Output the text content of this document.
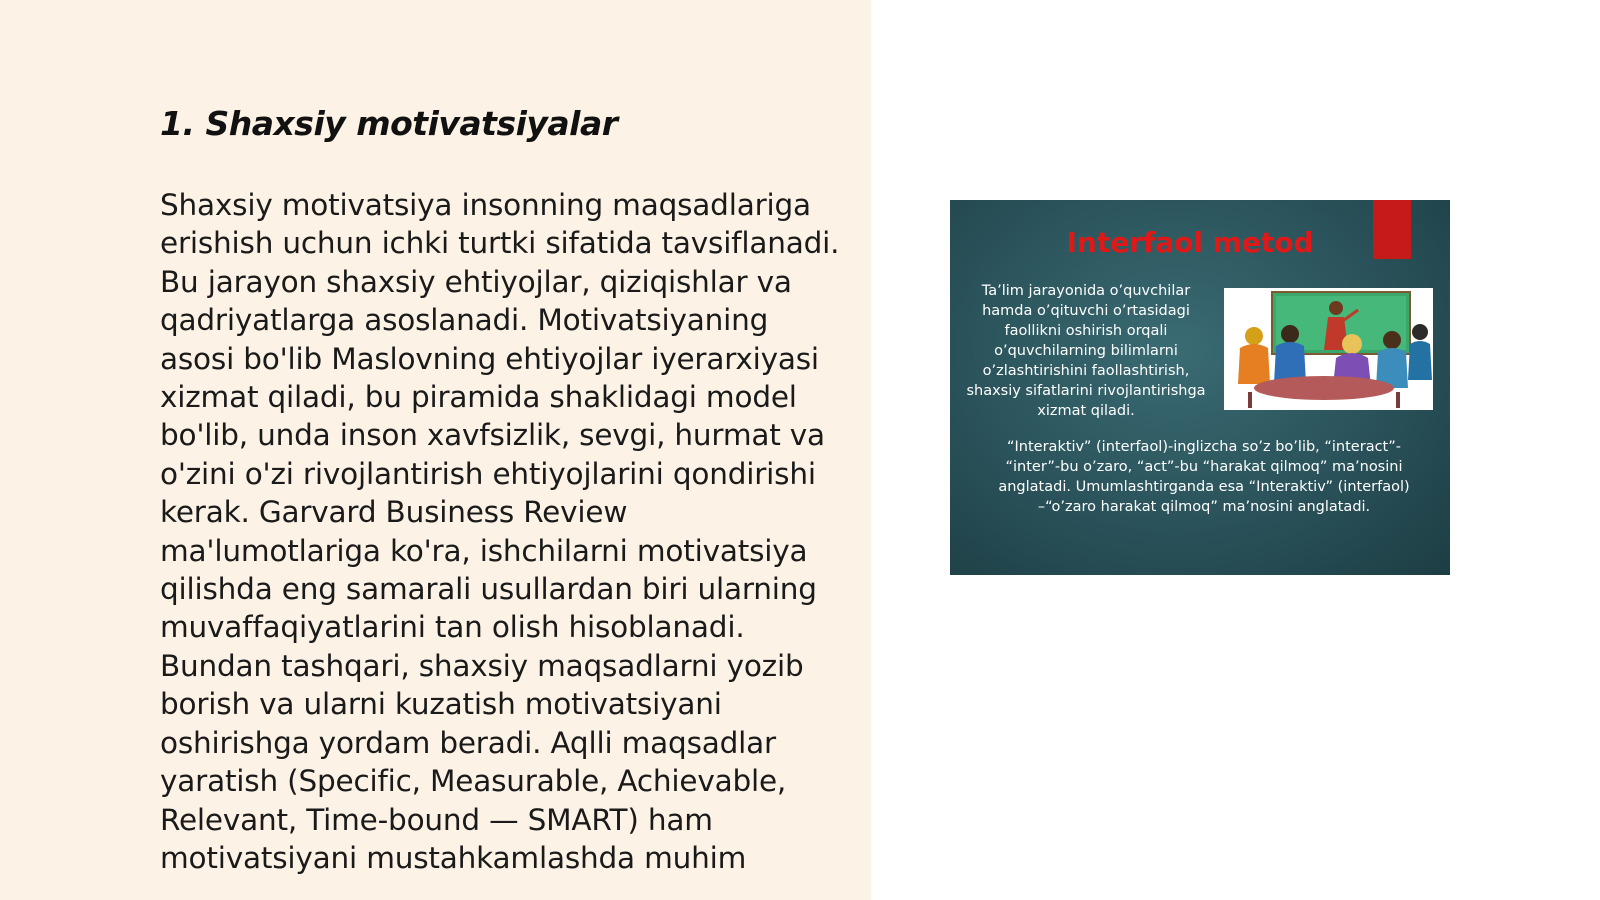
1. Shaxsiy motivatsiyalar

Shaxsiy motivatsiya insonning maqsadlariga erishish uchun ichki turtki sifatida tavsiflanadi. Bu jarayon shaxsiy ehtiyojlar, qiziqishlar va qadriyatlarga asoslanadi. Motivatsiyaning asosi bo'lib Maslovning ehtiyojlar iyerarxiyasi xizmat qiladi, bu piramida shaklidagi model bo'lib, unda inson xavfsizlik, sevgi, hurmat va o'zini o'zi rivojlantirish ehtiyojlarini qondirishi kerak. Garvard Business Review ma'lumotlariga ko'ra, ishchilarni motivatsiya qilishda eng samarali usullardan biri ularning muvaffaqiyatlarini tan olish hisoblanadi. Bundan tashqari, shaxsiy maqsadlarni yozib borish va ularni kuzatish motivatsiyani oshirishga yordam beradi. Aqlli maqsadlar yaratish (Specific, Measurable, Achievable, Relevant, Time-bound — SMART) ham motivatsiyani mustahkamlashda muhim

Interfaol metod

Ta’lim jarayonida o’quvchilar hamda o’qituvchi o’rtasidagi faollikni oshirish orqali o’quvchilarning bilimlarni o’zlashtirishini faollashtirish, shaxsiy sifatlarini rivojlantirishga xizmat qiladi.

“Interaktiv” (interfaol)-inglizcha so’z bo’lib, “interact”- “inter”-bu o’zaro, “act”-bu “harakat qilmoq” ma’nosini anglatadi. Umumlashtirganda esa “Interaktiv” (interfaol) –“o’zaro harakat qilmoq” ma’nosini anglatadi.
